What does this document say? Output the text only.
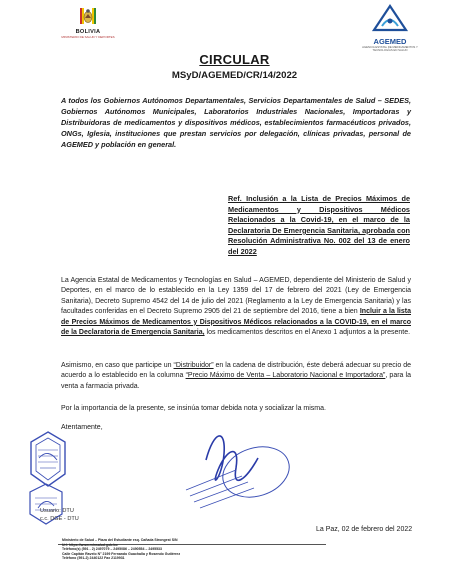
BOLIVIA
MINISTERIO DE SALUD Y DEPORTES	AGEMED
AGENCIA ESTATAL DE MEDICAMENTOS Y TECNOLOGÍAS EN SALUD
CIRCULAR
MSyD/AGEMED/CR/14/2022
A todos los Gobiernos Autónomos Departamentales, Servicios Departamentales de Salud – SEDES, Gobiernos Autónomos Municipales, Laboratorios Industriales Nacionales, Importadoras y Distribuidoras de medicamentos y dispositivos médicos, establecimientos farmacéuticos privados, ONGs, Iglesia, instituciones que prestan servicios por delegación, clínicas privadas, personal de AGEMED y población en general.
Ref. Inclusión a la Lista de Precios Máximos de Medicamentos y Dispositivos Médicos Relacionados a la Covid-19, en el marco de la Declaratoria De Emergencia Sanitaria, aprobada con Resolución Administrativa No. 002 del 13 de enero del 2022
La Agencia Estatal de Medicamentos y Tecnologías en Salud – AGEMED, dependiente del Ministerio de Salud y Deportes, en el marco de lo establecido en la Ley 1359 del 17 de febrero del 2021 (Ley de Emergencia Sanitaria), Decreto Supremo 4542 del 14 de julio del 2021 (Reglamento a la Ley de Emergencia Sanitaria) y las facultades conferidas en el Decreto Supremo 2905 del 21 de septiembre del 2016, tiene a bien Incluir a la lista de Precios Máximos de Medicamentos y Dispositivos Médicos relacionados a la COVID-19, en el marco de la Declaratoria de Emergencia Sanitaria, los medicamentos descritos en el Anexo 1 adjuntos a la presente.
Asimismo, en caso que participe un “Distribuidor” en la cadena de distribución, éste deberá adecuar su precio de acuerdo a lo establecido en la columna “Precio Máximo de Venta – Laboratorio Nacional e Importadora”, para la venta a farmacia privada.
Por la importancia de la presente, se insinúa tomar debida nota y socializar la misma.
Atentamente,
Usuario: DTU
c.c. DGE - DTU
La Paz, 02 de febrero del 2022
Ministerio de Salud – Plaza del Estudiante esq. Cañada Strongest S/N
Url: https://www.minsalud.gob.bo
Teléfono(s) (591 - 2) 2497079 – 2495086 – 2490554 – 2495533
Calle Capitán Ravelo N° 2199 Fernando Guachalla y Rosendo Gutiérrez
Teléfono (591-2) 2440122 Fax 2119931
